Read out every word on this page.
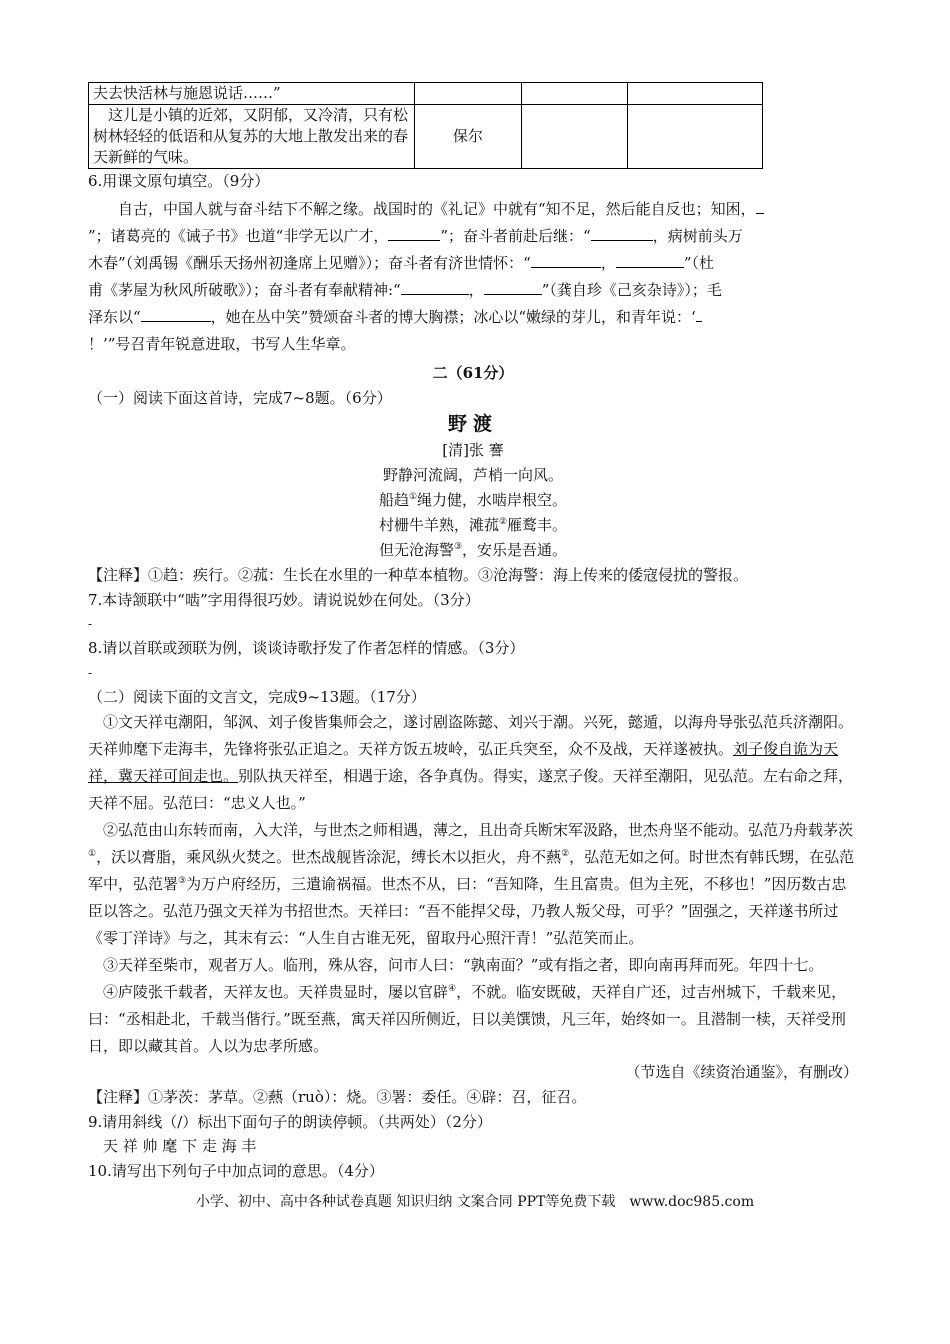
夫去快活林与施恩说话……”			
这儿是小镇的近郊，又阴郁，又冷清，只有松树林轻轻的低语和从复苏的大地上散发出来的春天新鲜的气味。	保尔		

6.用课文原句填空。（9分）

自古，中国人就与奋斗结下不解之缘。战国时的《礼记》中就有“知不足，然后能自反也；知困，
”；诸葛亮的《诫子书》也道“非学无以广才，	”；奋斗者前赴后继：“	，病树前头万
木春”（刘禹锡《酬乐天扬州初逢席上见赠》）；奋斗者有济世情怀：“	，	”（杜
甫《茅屋为秋风所破歌》）；奋斗者有奉献精神:“	，	”（龚自珍《己亥杂诗》）；毛
泽东以“	，她在丛中笑”赞颂奋斗者的博大胸襟；冰心以“嫩绿的芽儿，和青年说：‘
！’”号召青年锐意进取，书写人生华章。

二（61分）

（一）阅读下面这首诗，完成7~8题。（6分）

野渡

[清]张 謇

野静河流阔，芦梢一向风。

船趋①绳力健，水啮岸根空。

村栅牛羊熟，滩菰②雁鹜丰。

但无沧海警③，安乐是吾通。

【注释】①趋：疾行。②菰：生长在水里的一种草本植物。③沧海警：海上传来的倭寇侵扰的警报。

7.本诗颔联中“啮”字用得很巧妙。请说说妙在何处。（3分）

-

8.请以首联或颈联为例，谈谈诗歌抒发了作者怎样的情感。（3分）

-

（二）阅读下面的文言文，完成9~13题。（17分）

①文天祥屯潮阳，邹沨、刘子俊皆集师会之，遂讨剧盗陈懿、刘兴于潮。兴死，懿遁，以海舟导张弘范兵济潮阳。天祥帅麾下走海丰，先锋将张弘正追之。天祥方饭五坡岭，弘正兵突至，众不及战，天祥遂被执。刘子俊自诡为天祥，冀天祥可间走也。别队执天祥至，相遇于途，各争真伪。得实，遂烹子俊。天祥至潮阳，见弘范。左右命之拜，天祥不屈。弘范曰：“忠义人也。”

②弘范由山东转而南，入大洋，与世杰之师相遇，薄之，且出奇兵断宋军汲路，世杰舟坚不能动。弘范乃舟载茅茨①，沃以膏脂，乘风纵火焚之。世杰战舰皆涂泥，缚长木以拒火，舟不爇②，弘范无如之何。时世杰有韩氏甥，在弘范军中，弘范署③为万户府经历，三遣谕祸福。世杰不从，曰：“吾知降，生且富贵。但为主死，不移也！”因历数古忠臣以答之。弘范乃强文天祥为书招世杰。天祥曰：“吾不能捍父母，乃教人叛父母，可乎？”固强之，天祥遂书所过《零丁洋诗》与之，其末有云：“人生自古谁无死，留取丹心照汗青！”弘范笑而止。

③天祥至柴市，观者万人。临刑，殊从容，问市人曰：“孰南面？”或有指之者，即向南再拜而死。年四十七。

④庐陵张千载者，天祥友也。天祥贵显时，屡以官辟④，不就。临安既破，天祥自广还，过吉州城下，千载来见，曰：“丞相赴北，千载当偕行。”既至燕，寓天祥囚所侧近，日以美馔馈，凡三年，始终如一。且潜制一椟，天祥受刑日，即以藏其首。人以为忠孝所感。

（节选自《续资治通鉴》，有删改）

【注释】①茅茨：茅草。②爇（ruò）：烧。③署：委任。④辟：召，征召。

9.请用斜线（/）标出下面句子的朗读停顿。（共两处）（2分）

天 祥 帅 麾 下 走 海 丰

10.请写出下列句子中加点词的意思。（4分）

小学、初中、高中各种试卷真题 知识归纳 文案合同 PPT等免费下载　www.doc985.com
